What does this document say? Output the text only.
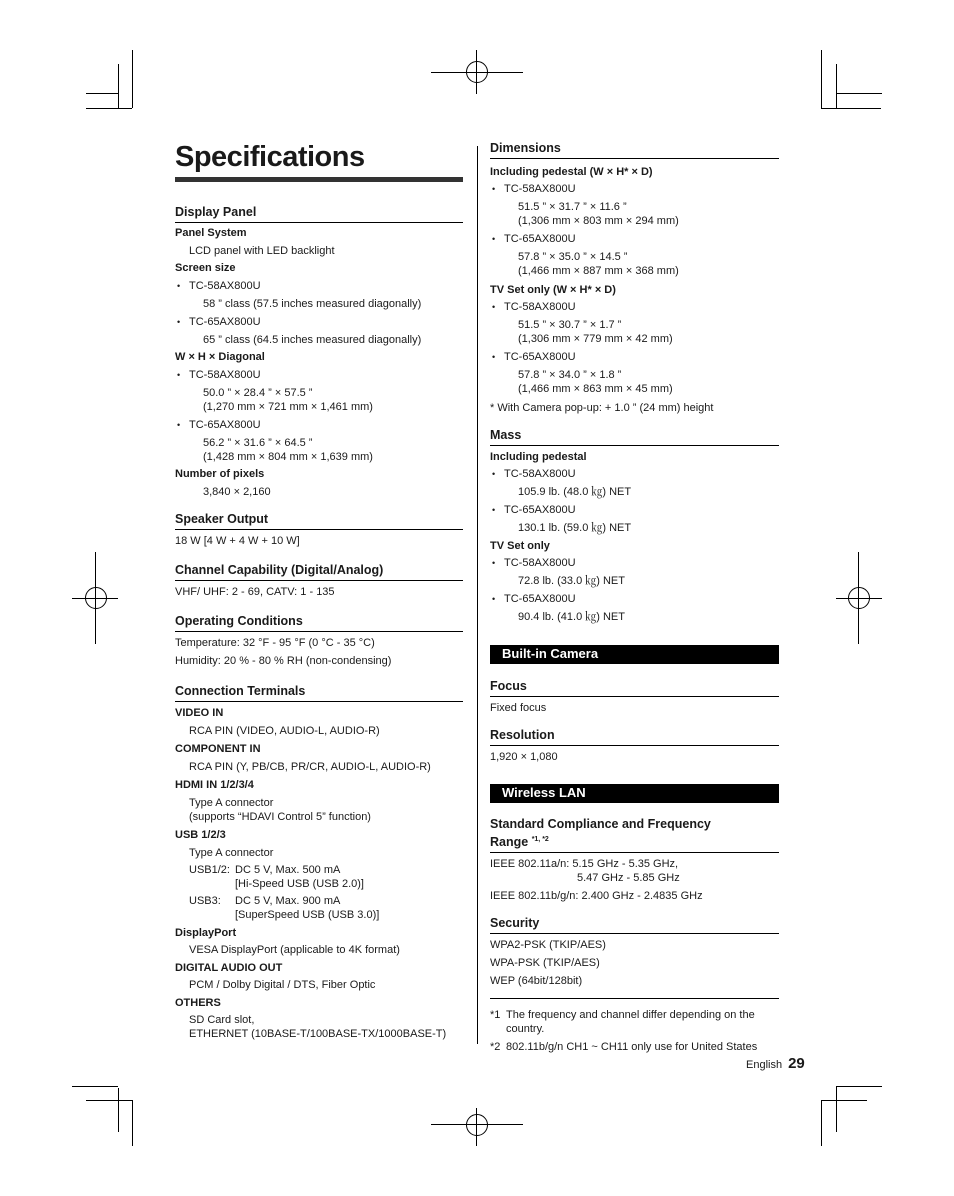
Specifications
Display Panel
Panel System
LCD panel with LED backlight
Screen size
• TC-58AX800U
58 ” class (57.5 inches measured diagonally)
• TC-65AX800U
65 ” class (64.5 inches measured diagonally)
W × H × Diagonal
• TC-58AX800U
50.0 ” × 28.4 ” × 57.5 ”
(1,270 mm × 721 mm × 1,461 mm)
• TC-65AX800U
56.2 ” × 31.6 ” × 64.5 ”
(1,428 mm × 804 mm × 1,639 mm)
Number of pixels
3,840 × 2,160
Speaker Output
18 W [4 W + 4 W + 10 W]
Channel Capability (Digital/Analog)
VHF/ UHF: 2 - 69, CATV: 1 - 135
Operating Conditions
Temperature: 32 °F - 95 °F (0 °C - 35 °C)
Humidity: 20 % - 80 % RH (non-condensing)
Connection Terminals
VIDEO IN
RCA PIN (VIDEO, AUDIO-L, AUDIO-R)
COMPONENT IN
RCA PIN (Y, PB/CB, PR/CR, AUDIO-L, AUDIO-R)
HDMI IN 1/2/3/4
Type A connector
(supports “HDAVI Control 5” function)
USB 1/2/3
Type A connector
USB1/2: DC 5 V, Max. 500 mA
[Hi-Speed USB (USB 2.0)]
USB3:	DC 5 V, Max. 900 mA
[SuperSpeed USB (USB 3.0)]
DisplayPort
VESA DisplayPort (applicable to 4K format)
DIGITAL AUDIO OUT
PCM / Dolby Digital / DTS, Fiber Optic
OTHERS
SD Card slot,
ETHERNET (10BASE-T/100BASE-TX/1000BASE-T)
Dimensions
Including pedestal (W × H* × D)
• TC-58AX800U
51.5 ” × 31.7 ” × 11.6 ”
(1,306 mm × 803 mm × 294 mm)
• TC-65AX800U
57.8 ” × 35.0 ” × 14.5 ”
(1,466 mm × 887 mm × 368 mm)
TV Set only (W × H* × D)
• TC-58AX800U
51.5 ” × 30.7 ” × 1.7 ”
(1,306 mm × 779 mm × 42 mm)
• TC-65AX800U
57.8 ” × 34.0 ” × 1.8 ”
(1,466 mm × 863 mm × 45 mm)
* With Camera pop-up: + 1.0 ” (24 mm) height
Mass
Including pedestal
• TC-58AX800U
105.9 lb. (48.0 ㎏) NET
• TC-65AX800U
130.1 lb. (59.0 ㎏) NET
TV Set only
• TC-58AX800U
72.8 lb. (33.0 ㎏) NET
• TC-65AX800U
90.4 lb. (41.0 ㎏) NET
Built-in Camera
Focus
Fixed focus
Resolution
1,920 × 1,080
Wireless LAN
Standard Compliance and Frequency
Range $^{*1, *2}$
IEEE 802.11a/n: 5.15 GHz - 5.35 GHz,
5.47 GHz - 5.85 GHz
IEEE 802.11b/g/n: 2.400 GHz - 2.4835 GHz
Security
WPA2-PSK (TKIP/AES)
WPA-PSK (TKIP/AES)
WEP (64bit/128bit)
*1 The frequency and channel differ depending on the country.
*2 802.11b/g/n CH1 ~ CH11 only use for United States
English 29
